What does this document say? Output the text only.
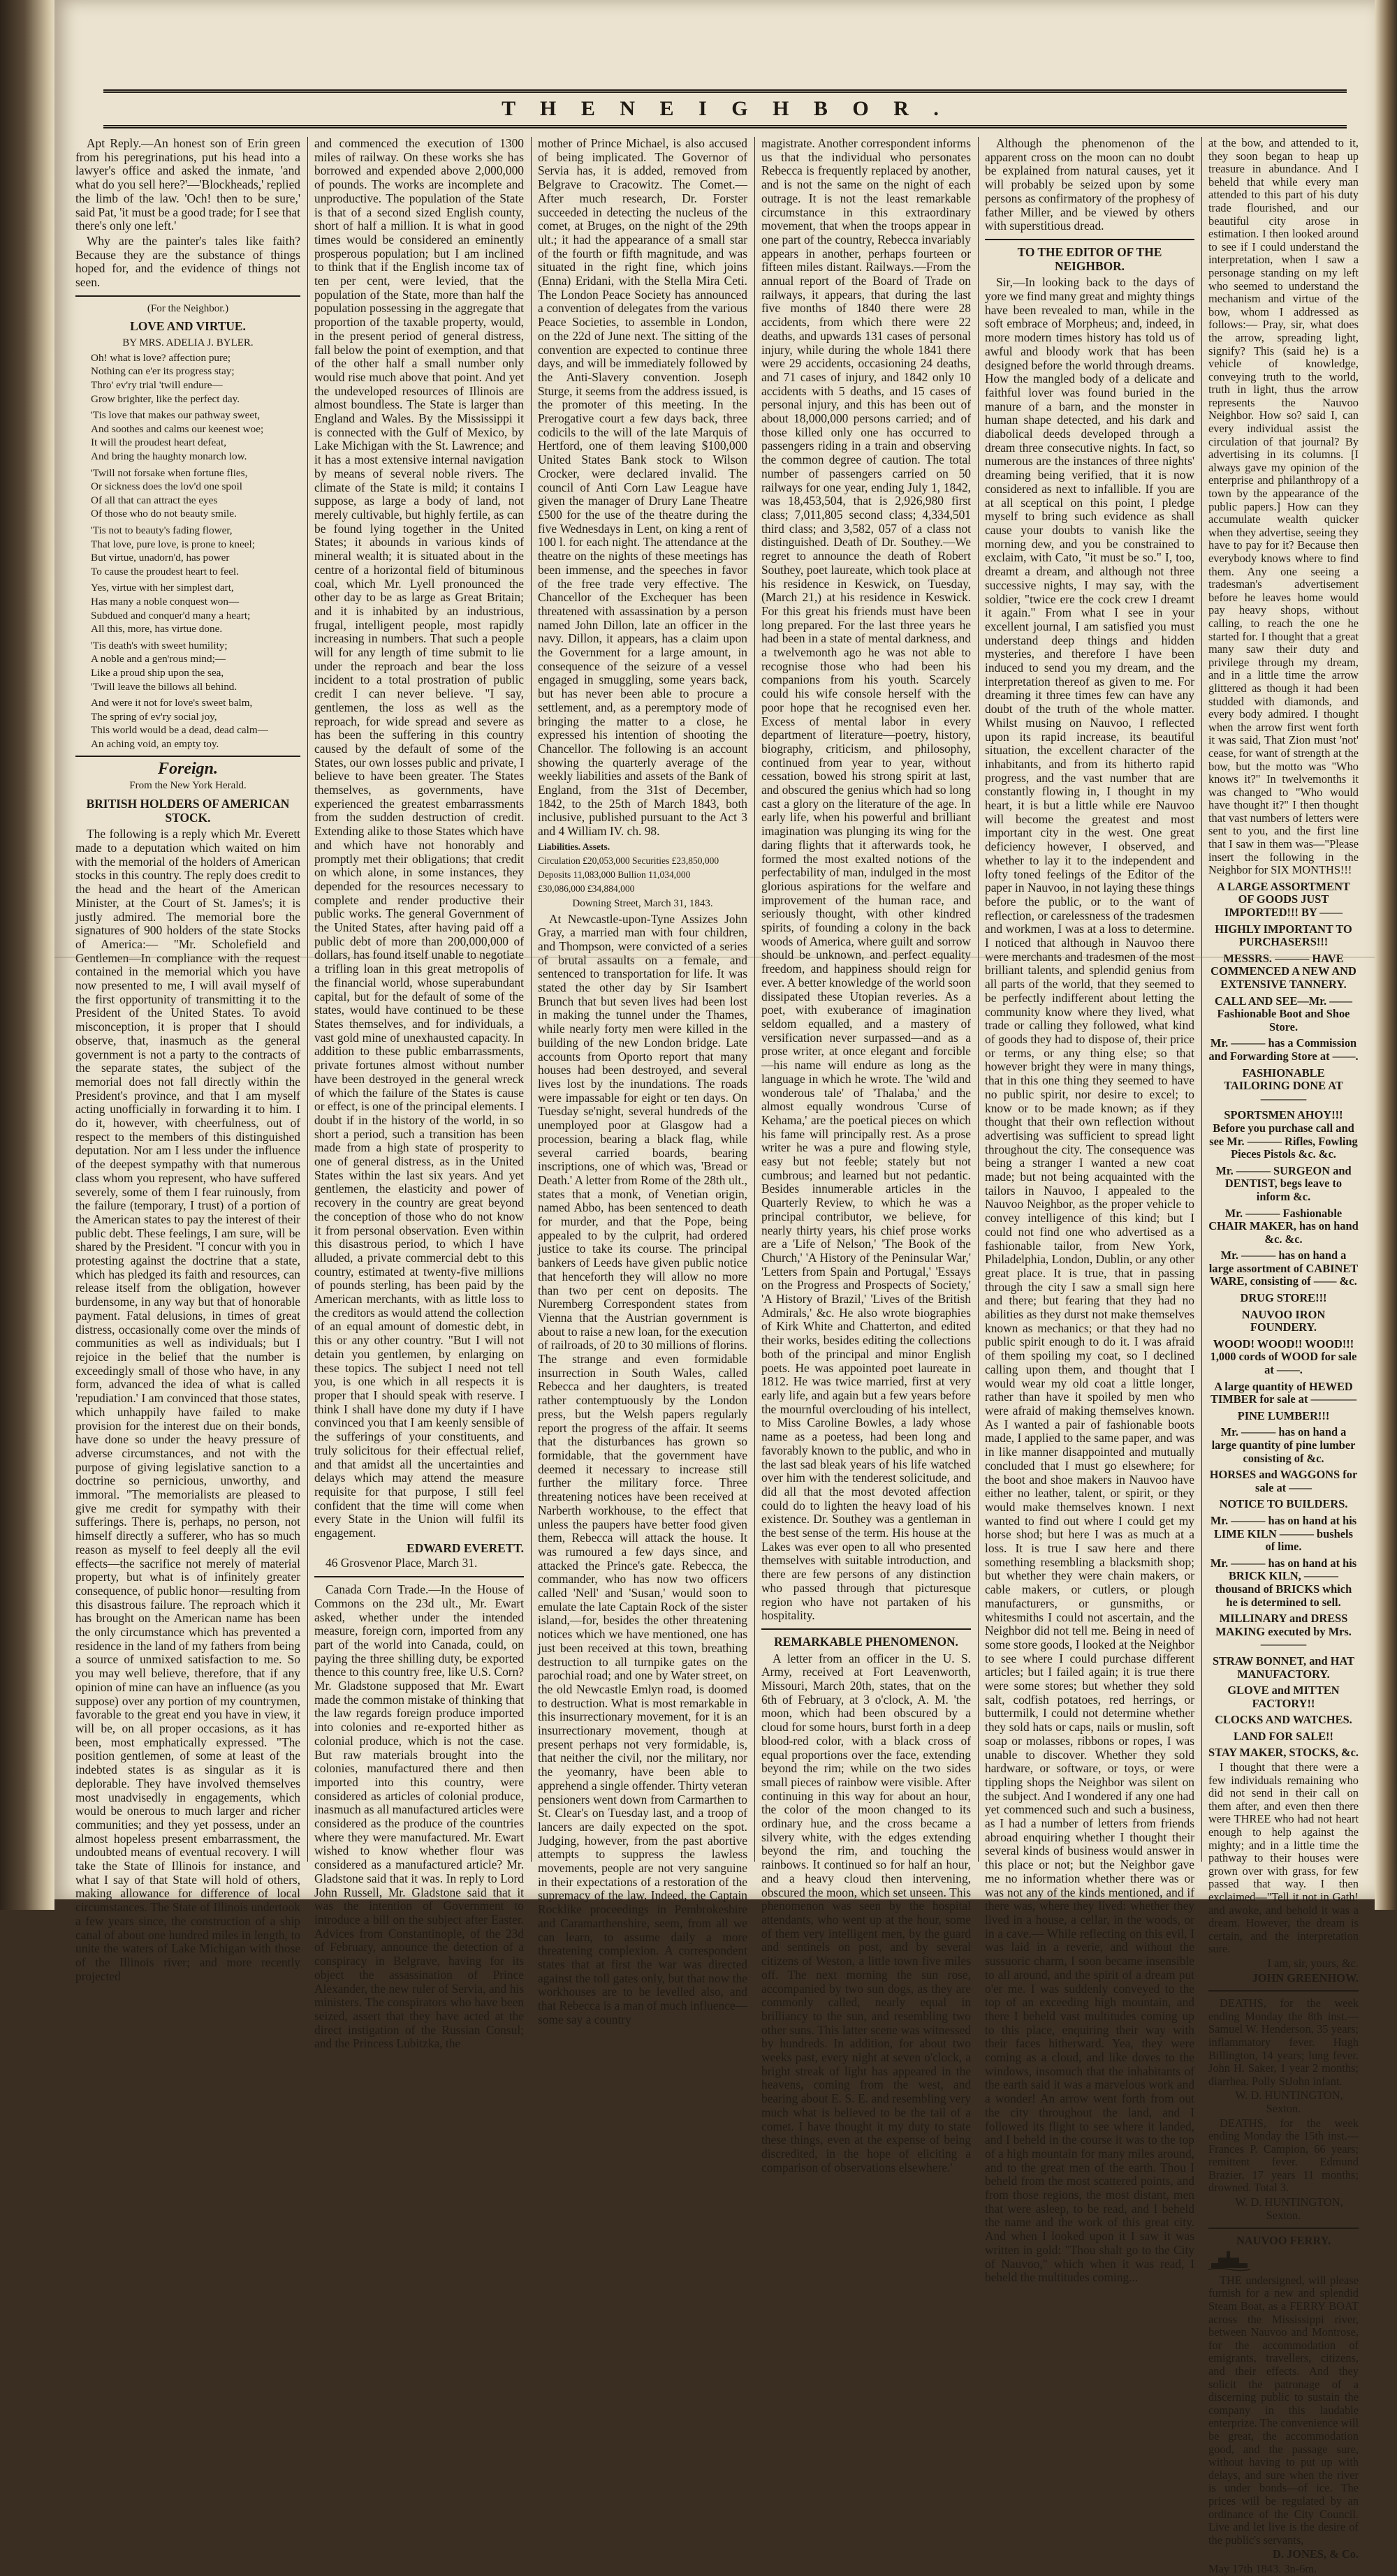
T H E N E I G H B O R .

Apt Reply.—An honest son of Erin green from his peregrinations, put his head into a lawyer's office and asked the inmate, 'and what do you sell here?'—'Blockheads,' replied the limb of the law. 'Och! then to be sure,' said Pat, 'it must be a good trade; for I see that there's only one left.'

Why are the painter's tales like faith? Because they are the substance of things hoped for, and the evidence of things not seen.

(For the Neighbor.)

LOVE AND VIRTUE.

BY MRS. ADELIA J. BYLER.

Oh! what is love? affection pure;

Nothing can e'er its progress stay;

Thro' ev'ry trial 'twill endure—

Grow brighter, like the perfect day.

'Tis love that makes our pathway sweet,

And soothes and calms our keenest woe;

It will the proudest heart defeat,

And bring the haughty monarch low.

'Twill not forsake when fortune flies,

Or sickness does the lov'd one spoil

Of all that can attract the eyes

Of those who do not beauty smile.

'Tis not to beauty's fading flower,

That love, pure love, is prone to kneel;

But virtue, unadorn'd, has power

To cause the proudest heart to feel.

Yes, virtue with her simplest dart,

Has many a noble conquest won—

Subdued and conquer'd many a heart;

All this, more, has virtue done.

'Tis death's with sweet humility;

A noble and a gen'rous mind;—

Like a proud ship upon the sea,

'Twill leave the billows all behind.

And were it not for love's sweet balm,

The spring of ev'ry social joy,

This world would be a dead, dead calm—

An aching void, an empty toy.

Foreign.

From the New York Herald.

BRITISH HOLDERS OF AMERICAN STOCK.

The following is a reply which Mr. Everett made to a deputation which waited on him with the memorial of the holders of American stocks in this country. The reply does credit to the head and the heart of the American Minister, at the Court of St. James's; it is justly admired. The memorial bore the signatures of 900 holders of the state Stocks of America:— "Mr. Scholefield and Gentlemen—In compliance with the request contained in the memorial which you have now presented to me, I will avail myself of the first opportunity of transmitting it to the President of the United States. To avoid misconception, it is proper that I should observe, that, inasmuch as the general government is not a party to the contracts of the separate states, the subject of the memorial does not fall directly within the President's province, and that I am myself acting unofficially in forwarding it to him. I do it, however, with cheerfulness, out of respect to the members of this distinguished deputation. Nor am I less under the influence of the deepest sympathy with that numerous class whom you represent, who have suffered severely, some of them I fear ruinously, from the failure (temporary, I trust) of a portion of the American states to pay the interest of their public debt. These feelings, I am sure, will be shared by the President. "I concur with you in protesting against the doctrine that a state, which has pledged its faith and resources, can release itself from the obligation, however burdensome, in any way but that of honorable payment. Fatal delusions, in times of great distress, occasionally come over the minds of communities as well as individuals; but I rejoice in the belief that the number is exceedingly small of those who have, in any form, advanced the idea of what is called 'repudiation.' I am convinced that those states, which unhappily have failed to make provision for the interest due on their bonds, have done so under the heavy pressure of adverse circumstances, and not with the purpose of giving legislative sanction to a doctrine so pernicious, unworthy, and immoral. "The memorialists are pleased to give me credit for sympathy with their sufferings. There is, perhaps, no person, not himself directly a sufferer, who has so much reason as myself to feel deeply all the evil effects—the sacrifice not merely of material property, but what is of infinitely greater consequence, of public honor—resulting from this disastrous failure. The reproach which it has brought on the American name has been the only circumstance which has prevented a residence in the land of my fathers from being a source of unmixed satisfaction to me. So you may well believe, therefore, that if any opinion of mine can have an influence (as you suppose) over any portion of my countrymen, favorable to the great end you have in view, it will be, on all proper occasions, as it has been, most emphatically expressed. "The position gentlemen, of some at least of the indebted states is as singular as it is deplorable. They have involved themselves most unadvisedly in engagements, which would be onerous to much larger and richer communities; and they yet possess, under an almost hopeless present embarrassment, the undoubted means of eventual recovery. I will take the State of Illinois for instance, and what I say of that State will hold of others, making allowance for difference of local circumstances. The State of Illinois undertook a few years since, the construction of a ship canal of about one hundred miles in length, to unite the waters of Lake Michigan with those of the Illinois river; and more recently projected

and commenced the execution of 1300 miles of railway. On these works she has borrowed and expended above 2,000,000 of pounds. The works are incomplete and unproductive. The population of the State is that of a second sized English county, short of half a million. It is what in good times would be considered an eminently prosperous population; but I am inclined to think that if the English income tax of ten per cent, were levied, that the population of the State, more than half the population possessing in the aggregate that proportion of the taxable property, would, in the present period of general distress, fall below the point of exemption, and that of the other half a small number only would rise much above that point. And yet the undeveloped resources of Illinois are almost boundless. The State is larger than England and Wales. By the Mississippi it is connected with the Gulf of Mexico, by Lake Michigan with the St. Lawrence; and it has a most extensive internal navigation by means of several noble rivers. The climate of the State is mild; it contains I suppose, as large a body of land, not merely cultivable, but highly fertile, as can be found lying together in the United States; it abounds in various kinds of mineral wealth; it is situated about in the centre of a horizontal field of bituminous coal, which Mr. Lyell pronounced the other day to be as large as Great Britain; and it is inhabited by an industrious, frugal, intelligent people, most rapidly increasing in numbers. That such a people will for any length of time submit to lie under the reproach and bear the loss incident to a total prostration of public credit I can never believe. "I say, gentlemen, the loss as well as the reproach, for wide spread and severe as has been the suffering in this country caused by the default of some of the States, our own losses public and private, I believe to have been greater. The States themselves, as governments, have experienced the greatest embarrassments from the sudden destruction of credit. Extending alike to those States which have and which have not honorably and promptly met their obligations; that credit on which alone, in some instances, they depended for the resources necessary to complete and render productive their public works. The general Government of the United States, after having paid off a public debt of more than 200,000,000 of dollars, has found itself unable to negotiate a trifling loan in this great metropolis of the financial world, whose superabundant capital, but for the default of some of the states, would have continued to be these States themselves, and for individuals, a vast gold mine of unexhausted capacity. In addition to these public embarrassments, private fortunes almost without number have been destroyed in the general wreck of which the failure of the States is cause or effect, is one of the principal elements. I doubt if in the history of the world, in so short a period, such a transition has been made from a high state of prosperity to one of general distress, as in the United States within the last six years. And yet gentlemen, the elasticity and power of recovery in the country are great beyond the conception of those who do not know it from personal observation. Even within this disastrous period, to which I have alluded, a private commercial debt to this country, estimated at twenty-five millions of pounds sterling, has been paid by the American merchants, with as little loss to the creditors as would attend the collection of an equal amount of domestic debt, in this or any other country. "But I will not detain you gentlemen, by enlarging on these topics. The subject I need not tell you, is one which in all respects it is proper that I should speak with reserve. I think I shall have done my duty if I have convinced you that I am keenly sensible of the sufferings of your constituents, and truly solicitous for their effectual relief, and that amidst all the uncertainties and delays which may attend the measure requisite for that purpose, I still feel confident that the time will come when every State in the Union will fulfil its engagement.

EDWARD EVERETT.

46 Grosvenor Place, March 31.

Canada Corn Trade.—In the House of Commons on the 23d ult., Mr. Ewart asked, whether under the intended measure, foreign corn, imported from any part of the world into Canada, could, on paying the three shilling duty, be exported thence to this country free, like U.S. Corn? Mr. Gladstone supposed that Mr. Ewart made the common mistake of thinking that the law regards foreign produce imported into colonies and re-exported hither as colonial produce, which is not the case. But raw materials brought into the colonies, manufactured there and then imported into this country, were considered as articles of colonial produce, inasmuch as all manufactured articles were considered as the produce of the countries where they were manufactured. Mr. Ewart wished to know whether flour was considered as a manufactured article? Mr. Gladstone said that it was. In reply to Lord John Russell, Mr. Gladstone said that it was the intention of Government to introduce a bill on the subject after Easter. Advices from Constantinople, of the 23d of February, announce the detection of a conspiracy in Belgrave, having for its object the assassination of Prince Alexander, the new ruler of Servia, and his ministers. The conspirators who have been seized, assert that they have acted at the direct instigation of the Russian Consul; and the Princess Lubitzka, the

mother of Prince Michael, is also accused of being implicated. The Governor of Servia has, it is added, removed from Belgrave to Cracowitz. The Comet.—After much research, Dr. Forster succeeded in detecting the nucleus of the comet, at Bruges, on the night of the 29th ult.; it had the appearance of a small star of the fourth or fifth magnitude, and was situated in the right fine, which joins (Enna) Eridani, with the Stella Mira Ceti. The London Peace Society has announced a convention of delegates from the various Peace Societies, to assemble in London, on the 22d of June next. The sitting of the convention are expected to continue three days, and will be immediately followed by the Anti-Slavery convention. Joseph Sturge, it seems from the address issued, is the promoter of this meeting. In the Prerogative court a few days back, three codicils to the will of the late Marquis of Hertford, one of them leaving $100,000 United States Bank stock to Wilson Crocker, were declared invalid. The council of Anti Corn Law League have given the manager of Drury Lane Theatre £500 for the use of the theatre during the five Wednesdays in Lent, on king a rent of 100 l. for each night. The attendance at the theatre on the nights of these meetings has been immense, and the speeches in favor of the free trade very effective. The Chancellor of the Exchequer has been threatened with assassination by a person named John Dillon, late an officer in the navy. Dillon, it appears, has a claim upon the Government for a large amount, in consequence of the seizure of a vessel engaged in smuggling, some years back, but has never been able to procure a settlement, and, as a peremptory mode of bringing the matter to a close, he expressed his intention of shooting the Chancellor. The following is an account showing the quarterly average of the weekly liabilities and assets of the Bank of England, from the 31st of December, 1842, to the 25th of March 1843, both inclusive, published pursuant to the Act 3 and 4 William IV. ch. 98.

Liabilities. Assets.

Circulation £20,053,000 Securities £23,850,000

Deposits 11,083,000 Bullion 11,034,000

£30,086,000 £34,884,000

Downing Street, March 31, 1843.

At Newcastle-upon-Tyne Assizes John Gray, a married man with four children, and Thompson, were convicted of a series of brutal assaults on a female, and sentenced to transportation for life. It was stated the other day by Sir Isambert Brunch that but seven lives had been lost in making the tunnel under the Thames, while nearly forty men were killed in the building of the new London bridge. Late accounts from Oporto report that many houses had been destroyed, and several lives lost by the inundations. The roads were impassable for eight or ten days. On Tuesday se'night, several hundreds of the unemployed poor at Glasgow had a procession, bearing a black flag, while several carried boards, bearing inscriptions, one of which was, 'Bread or Death.' A letter from Rome of the 28th ult., states that a monk, of Venetian origin, named Abbo, has been sentenced to death for murder, and that the Pope, being appealed to by the culprit, had ordered justice to take its course. The principal bankers of Leeds have given public notice that henceforth they will allow no more than two per cent on deposits. The Nuremberg Correspondent states from Vienna that the Austrian government is about to raise a new loan, for the execution of railroads, of 20 to 30 millions of florins. The strange and even formidable insurrection in South Wales, called Rebecca and her daughters, is treated rather contemptuously by the London press, but the Welsh papers regularly report the progress of the affair. It seems that the disturbances has grown so formidable, that the government have deemed it necessary to increase still further the military force. Three threatening notices have been received at Narberth workhouse, to the effect that unless the paupers have better food given them, Rebecca will attack the house. It was rumoured a few days since, and attacked the Prince's gate. Rebecca, the commander, who has now two officers called 'Nell' and 'Susan,' would soon to emulate the late Captain Rock of the sister island,—for, besides the other threatening notices which we have mentioned, one has just been received at this town, breathing destruction to all turnpike gates on the parochial road; and one by Water street, on the old Newcastle Emlyn road, is doomed to destruction. What is most remarkable in this insurrectionary movement, for it is an insurrectionary movement, though at present perhaps not very formidable, is, that neither the civil, nor the military, nor the yeomanry, have been able to apprehend a single offender. Thirty veteran pensioners went down from Carmarthen to St. Clear's on Tuesday last, and a troop of lancers are daily expected on the spot. Judging, however, from the past abortive attempts to suppress the lawless movements, people are not very sanguine in their expectations of a restoration of the supremacy of the law. Indeed, the Captain Rocklike proceedings in Pembrokeshire and Caramarthenshire, seem, from all we can learn, to assume daily a more threatening complexion. A correspondent states that at first the war was directed against the toll gates only, but that now the workhouses are to be levelled also, and that Rebecca is a man of much influence—some say a country

magistrate. Another correspondent informs us that the individual who personates Rebecca is frequently replaced by another, and is not the same on the night of each outrage. It is not the least remarkable circumstance in this extraordinary movement, that when the troops appear in one part of the country, Rebecca invariably appears in another, perhaps fourteen or fifteen miles distant. Railways.—From the annual report of the Board of Trade on railways, it appears, that during the last five months of 1840 there were 28 accidents, from which there were 22 deaths, and upwards 131 cases of personal injury, while during the whole 1841 there were 29 accidents, occasioning 24 deaths, and 71 cases of injury, and 1842 only 10 accidents with 5 deaths, and 15 cases of personal injury, and this has been out of about 18,000,000 persons carried; and of those killed only one has occurred to passengers riding in a train and observing the common degree of caution. The total number of passengers carried on 50 railways for one year, ending July 1, 1842, was 18,453,504, that is 2,926,980 first class; 7,011,805 second class; 4,334,501 third class; and 3,582, 057 of a class not distinguished. Death of Dr. Southey.—We regret to announce the death of Robert Southey, poet laureate, which took place at his residence in Keswick, on Tuesday, (March 21,) at his residence in Keswick. For this great his friends must have been long prepared. For the last three years he had been in a state of mental darkness, and a twelvemonth ago he was not able to recognise those who had been his companions from his youth. Scarcely could his wife console herself with the poor hope that he recognised even her. Excess of mental labor in every department of literature—poetry, history, biography, criticism, and philosophy, continued from year to year, without cessation, bowed his strong spirit at last, and obscured the genius which had so long cast a glory on the literature of the age. In early life, when his powerful and brilliant imagination was plunging its wing for the daring flights that it afterwards took, he formed the most exalted notions of the perfectability of man, indulged in the most glorious aspirations for the welfare and improvement of the human race, and seriously thought, with other kindred spirits, of founding a colony in the back woods of America, where guilt and sorrow should be unknown, and perfect equality freedom, and happiness should reign for ever. A better knowledge of the world soon dissipated these Utopian reveries. As a poet, with exuberance of imagination seldom equalled, and a mastery of versification never surpassed—and as a prose writer, at once elegant and forcible—his name will endure as long as the language in which he wrote. The 'wild and wonderous tale' of 'Thalaba,' and the almost equally wondrous 'Curse of Kehama,' are the poetical pieces on which his fame will principally rest. As a prose writer he was a pure and flowing style, easy but not feeble; stately but not cumbrous; and learned but not pedantic. Besides innumerable articles in the Quarterly Review, to which he was a principal contributor, we believe, for nearly thirty years, his chief prose works are a 'Life of Nelson,' 'The Book of the Church,' 'A History of the Peninsular War,' 'Letters from Spain and Portugal,' 'Essays on the Progress and Prospects of Society,' 'A History of Brazil,' 'Lives of the British Admirals,' &c. He also wrote biographies of Kirk White and Chatterton, and edited their works, besides editing the collections both of the principal and minor English poets. He was appointed poet laureate in 1812. He was twice married, first at very early life, and again but a few years before the mournful overclouding of his intellect, to Miss Caroline Bowles, a lady whose name as a poetess, had been long and favorably known to the public, and who in the last sad bleak years of his life watched over him with the tenderest solicitude, and did all that the most devoted affection could do to lighten the heavy load of his existence. Dr. Southey was a gentleman in the best sense of the term. His house at the Lakes was ever open to all who presented themselves with suitable introduction, and there are few persons of any distinction who passed through that picturesque region who have not partaken of his hospitality.

REMARKABLE PHENOMENON.

A letter from an officer in the U. S. Army, received at Fort Leavenworth, Missouri, March 20th, states, that on the 6th of February, at 3 o'clock, A. M. 'the moon, which had been obscured by a cloud for some hours, burst forth in a deep blood-red color, with a black cross of equal proportions over the face, extending beyond the rim; while on the two sides small pieces of rainbow were visible. After continuing in this way for about an hour, the color of the moon changed to its ordinary hue, and the cross became a silvery white, with the edges extending beyond the rim, and touching the rainbows. It continued so for half an hour, and a heavy cloud then intervening, obscured the moon, which set unseen. This phenomenon was seen by the hospital attendants, who went up at the hour, some of them very intelligent men, by the guard and sentinels on post, and by several citizens of Weston, a little town five miles off. The next morning the sun rose, accompanied by two sun dogs, as they are commonly called, nearly equal in brilliancy to the sun, and resembling two other suns. This latter scene was witnessed by hundreds. In addition, for about two weeks past, every night at seven o'clock, a bright streak of light has appeared in the heavens, coming from the west, and bearing about E. S. E. and resembling very much what is believed to be the tail of a comet. I have thought it my duty to state these things, even at the expense of being discredited, in the hope of eliciting a comparison of observations elsewhere.'

Although the phenomenon of the apparent cross on the moon can no doubt be explained from natural causes, yet it will probably be seized upon by some persons as confirmatory of the prophesy of father Miller, and be viewed by others with superstitious dread.

TO THE EDITOR OF THE NEIGHBOR.

Sir,—In looking back to the days of yore we find many great and mighty things have been revealed to man, while in the soft embrace of Morpheus; and, indeed, in more modern times history has told us of awful and bloody work that has been designed before the world through dreams. How the mangled body of a delicate and faithful lover was found buried in the manure of a barn, and the monster in human shape detected, and his dark and diabolical deeds developed through a dream three consecutive nights. In fact, so numerous are the instances of three nights' dreaming being verified, that it is now considered as next to infallible. If you are at all sceptical on this point, I pledge myself to bring such evidence as shall cause your doubts to vanish like the morning dew, and you be constrained to exclaim, with Cato, "it must be so." I, too, dreamt a dream, and although not three successive nights, I may say, with the soldier, "twice ere the cock crew I dreamt it again." From what I see in your excellent journal, I am satisfied you must understand deep things and hidden mysteries, and therefore I have been induced to send you my dream, and the interpretation thereof as given to me. For dreaming it three times few can have any doubt of the truth of the whole matter. Whilst musing on Nauvoo, I reflected upon its rapid increase, its beautiful situation, the excellent character of the inhabitants, and from its hitherto rapid progress, and the vast number that are constantly flowing in, I thought in my heart, it is but a little while ere Nauvoo will become the greatest and most important city in the west. One great deficiency however, I observed, and whether to lay it to the independent and lofty toned feelings of the Editor of the paper in Nauvoo, in not laying these things before the public, or to the want of reflection, or carelessness of the tradesmen and workmen, I was at a loss to determine. I noticed that although in Nauvoo there were merchants and tradesmen of the most brilliant talents, and splendid genius from all parts of the world, that they seemed to be perfectly indifferent about letting the community know where they lived, what trade or calling they followed, what kind of goods they had to dispose of, their price or terms, or any thing else; so that however bright they were in many things, that in this one thing they seemed to have no public spirit, nor desire to excel; to know or to be made known; as if they thought that their own reflection without advertising was sufficient to spread light throughout the city. The consequence was being a stranger I wanted a new coat made; but not being acquainted with the tailors in Nauvoo, I appealed to the Nauvoo Neighbor, as the proper vehicle to convey intelligence of this kind; but I could not find one who advertised as a fashionable tailor, from New York, Philadelphia, London, Dublin, or any other great place. It is true, that in passing through the city I saw a small sign here and there; but fearing that they had no abilities as they durst not make themselves known as mechanics; or that they had no public spirit enough to do it. I was afraid of them spoiling my coat, so I declined calling upon them, and thought that I would wear my old coat a little longer, rather than have it spoiled by men who were afraid of making themselves known. As I wanted a pair of fashionable boots made, I applied to the same paper, and was in like manner disappointed and mutually concluded that I must go elsewhere; for the boot and shoe makers in Nauvoo have either no leather, talent, or spirit, or they would make themselves known. I next wanted to find out where I could get my horse shod; but here I was as much at a loss. It is true I saw here and there something resembling a blacksmith shop; but whether they were chain makers, or cable makers, or cutlers, or plough manufacturers, or gunsmiths, or whitesmiths I could not ascertain, and the Neighbor did not tell me. Being in need of some store goods, I looked at the Neighbor to see where I could purchase different articles; but I failed again; it is true there were some stores; but whether they sold salt, codfish potatoes, red herrings, or buttermilk, I could not determine whether they sold hats or caps, nails or muslin, soft soap or molasses, ribbons or ropes, I was unable to discover. Whether they sold hardware, or software, or toys, or were tippling shops the Neighbor was silent on the subject. And I wondered if any one had yet commenced such and such a business, as I had a number of letters from friends abroad enquiring whether I thought their several kinds of business would answer in this place or not; but the Neighbor gave me no information whether there was or was not any of the kinds mentioned, and if there was, where they lived: whether they lived in a house, a cellar, in the woods, or in a cave.— While reflecting on this evil, I was laid in a reverie, and without the sussuoric charm, I soon became insensible to all around, and the spirit of a dream put o'er me. I was suddenly conveyed to the top of an exceeding high mountain, and there I beheld vast multitudes coming up to this place, enquiring their way with their faces hitherward. Yea, they were coming as a cloud, and like doves to the windows, insomuch that the inhabitants of the earth said it was a marvelous work and a wonder! An arrow went forth from out the city throughout the land, and I followed its flight to see where it landed, and I beheld in the course it was to the top of a high mountain for many miles around, and to the great men of the earth. Thou I beheld from the most scattered points, and from those regions, the most distant, men that were asleep, to be read, and I beheld the name and the work of this great city. And when I looked upon it I saw it was written in gold: "Thou shalt go to the City of Nauvoo," which when it was read, I beheld the multitudes coming...

at the bow, and attended to it, they soon began to heap up treasure in abundance. And I beheld that while every man attended to this part of his duty trade flourished, and our beautiful city arose in estimation. I then looked around to see if I could understand the interpretation, when I saw a personage standing on my left who seemed to understand the mechanism and virtue of the bow, whom I addressed as follows:— Pray, sir, what does the arrow, spreading light, signify? This (said he) is a vehicle of knowledge, conveying truth to the world, truth in light, thus the arrow represents the Nauvoo Neighbor. How so? said I, can every individual assist the circulation of that journal? By advertising in its columns. [I always gave my opinion of the enterprise and philanthropy of a town by the appearance of the public papers.] How can they accumulate wealth quicker when they advertise, seeing they have to pay for it? Because then everybody knows where to find them. Any one seeing a tradesman's advertisement before he leaves home would pay heavy shops, without calling, to reach the one he started for. I thought that a great many saw their duty and privilege through my dream, and in a little time the arrow glittered as though it had been studded with diamonds, and every body admired. I thought when the arrow first went forth it was said, That Zion must 'not' cease, for want of strength at the bow, but the motto was "Who knows it?" In twelvemonths it was changed to "Who would have thought it?" I then thought that vast numbers of letters were sent to you, and the first line that I saw in them was—"Please insert the following in the Neighbor for SIX MONTHS!!!

A LARGE ASSORTMENT OF GOODS JUST IMPORTED!!! BY ——

HIGHLY IMPORTANT TO PURCHASERS!!!

MESSRS. ——— HAVE COMMENCED A NEW AND EXTENSIVE TANNERY.

CALL AND SEE—Mr. —— Fashionable Boot and Shoe Store.

Mr. ——— has a Commission and Forwarding Store at ——.

FASHIONABLE TAILORING DONE AT ————

SPORTSMEN AHOY!!! Before you purchase call and see Mr. ——— Rifles, Fowling Pieces Pistols &c. &c.

Mr. ——— SURGEON and DENTIST, begs leave to inform &c.

Mr. ——— Fashionable CHAIR MAKER, has on hand &c. &c.

Mr. ——— has on hand a large assortment of CABINET WARE, consisting of —— &c.

DRUG STORE!!!

NAUVOO IRON FOUNDERY.

WOOD! WOOD!! WOOD!!! 1,000 cords of WOOD for sale at ——.

A large quantity of HEWED TIMBER for sale at ————

PINE LUMBER!!!

Mr. ——— has on hand a large quantity of pine lumber consisting of &c.

HORSES and WAGGONS for sale at ——

NOTICE TO BUILDERS.

Mr. ——— has on hand at his LIME KILN ——— bushels of lime.

Mr. ——— has on hand at his BRICK KILN, ——— thousand of BRICKS which he is determined to sell.

MILLINARY and DRESS MAKING executed by Mrs. ————

STRAW BONNET, and HAT MANUFACTORY.

GLOVE and MITTEN FACTORY!!

CLOCKS AND WATCHES.

LAND FOR SALE!!

STAY MAKER, STOCKS, &c.

I thought that there were a few individuals remaining who did not send in their call on them after, and even then there were THREE who had not heart enough to help against the mighty; and in a little time the pathway to their houses were grown over with grass, for few passed that way. I then exclaimed—"Tell it not in Gath! and awoke, and behold it was a dream. However, the dream is certain, and the interpretation sure.

I am, sir, yours, &c.

JOHN GREENHOW.

DEATHS, for the week ending Monday the 8th inst.—Samuel W. Henderson, 35 years; inflammatory fever. Hugh Billington, 14 years; lung fever. John H. Saker, 1 year 2 months; diarrhea. Polly StJohn infant.

W. D. HUNTINGTON, Sexton.

DEATHS, for the week ending Monday the 15th inst.—Frances P. Campion, 66 years; remittent fever. Edmund Brazier, 17 years 11 months; drowned. Total 3.

W. D. HUNTINGTON, Sexton.

NAUVOO FERRY.

THE undersigned, will please furnish for a new and splendid Steam Boat, as a FERRY BOAT across the Mississippi river, between Nauvoo and Montrose, for the accommodation of emigrants, travellers, citizens, and their effects. And they solicit the patronage of a discerning public to sustain the company in this laudable enterprize. The convenience will be great, the accommodation good, and the passage sure, without having to put up with delays, and sure when the river is under bonds—of ice. The prices will be regulated by an ordinance of the City Council. Live and let live is the desire of the public's servants,

D. JONES, & Co.

May 17th 1843. 3n-6m.
